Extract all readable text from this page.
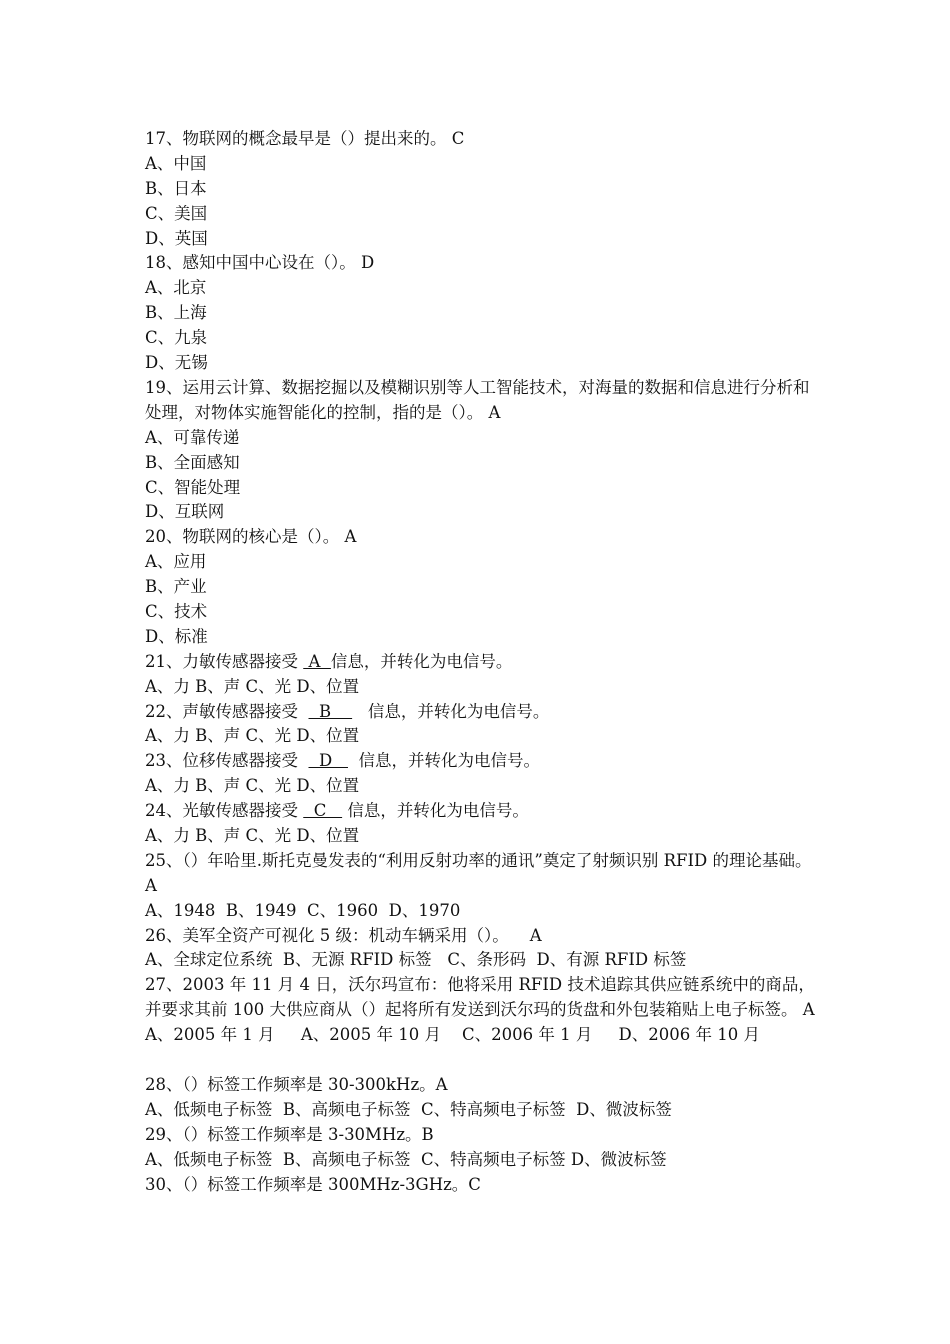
17、物联网的概念最早是（）提出来的。 C
A、中国
B、日本
C、美国
D、英国
18、感知中国中心设在（）。 D
A、北京
B、上海
C、九泉
D、无锡
19、运用云计算、数据挖掘以及模糊识别等人工智能技术，对海量的数据和信息进行分析和处理，对物体实施智能化的控制，指的是（）。 A
A、可靠传递
B、全面感知
C、智能处理
D、互联网
20、物联网的核心是（）。 A
A、应用
B、产业
C、技术
D、标准
21、力敏传感器接受  A  信息，并转化为电信号。
A、力 B、声 C、光 D、位置
22、声敏传感器接受    B       信息，并转化为电信号。
A、力 B、声 C、光 D、位置
23、位移传感器接受    D     信息，并转化为电信号。
A、力 B、声 C、光 D、位置
24、光敏传感器接受   C    信息，并转化为电信号。
A、力 B、声 C、光 D、位置
25、（）年哈里.斯托克曼发表的“利用反射功率的通讯”奠定了射频识别 RFID 的理论基础。 A
A、1948  B、1949  C、1960  D、1970
26、美军全资产可视化 5 级：机动车辆采用（）。    A
A、全球定位系统  B、无源 RFID 标签   C、条形码  D、有源 RFID 标签
27、2003 年 11 月 4 日，沃尔玛宣布：他将采用 RFID 技术追踪其供应链系统中的商品，并要求其前 100 大供应商从（）起将所有发送到沃尔玛的货盘和外包装箱贴上电子标签。 A
A、2005 年 1 月     A、2005 年 10 月    C、2006 年 1 月     D、2006 年 10 月
28、（）标签工作频率是 30-300kHz。A
A、低频电子标签  B、高频电子标签  C、特高频电子标签  D、微波标签
29、（）标签工作频率是 3-30MHz。B
A、低频电子标签  B、高频电子标签  C、特高频电子标签 D、微波标签
30、（）标签工作频率是 300MHz-3GHz。C
